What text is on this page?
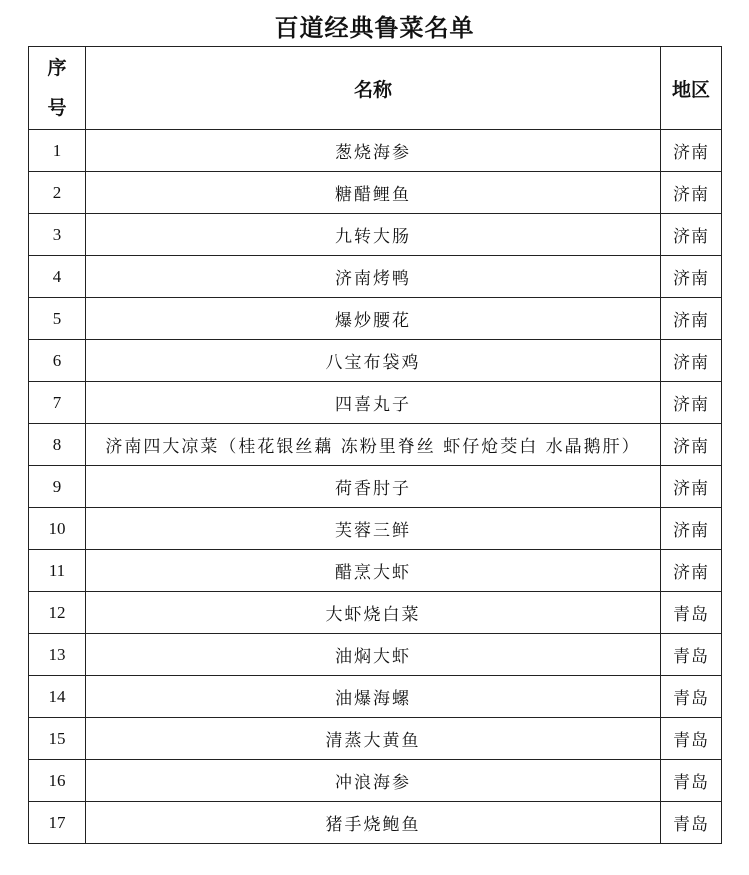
百道经典鲁菜名单
序
号	名称	地区
1	葱烧海参	济南
2	糖醋鲤鱼	济南
3	九转大肠	济南
4	济南烤鸭	济南
5	爆炒腰花	济南
6	八宝布袋鸡	济南
7	四喜丸子	济南
8	济南四大凉菜（桂花银丝藕 冻粉里脊丝 虾仔炝茭白 水晶鹅肝）	济南
9	荷香肘子	济南
10	芙蓉三鲜	济南
11	醋烹大虾	济南
12	大虾烧白菜	青岛
13	油焖大虾	青岛
14	油爆海螺	青岛
15	清蒸大黄鱼	青岛
16	冲浪海参	青岛
17	猪手烧鲍鱼	青岛
